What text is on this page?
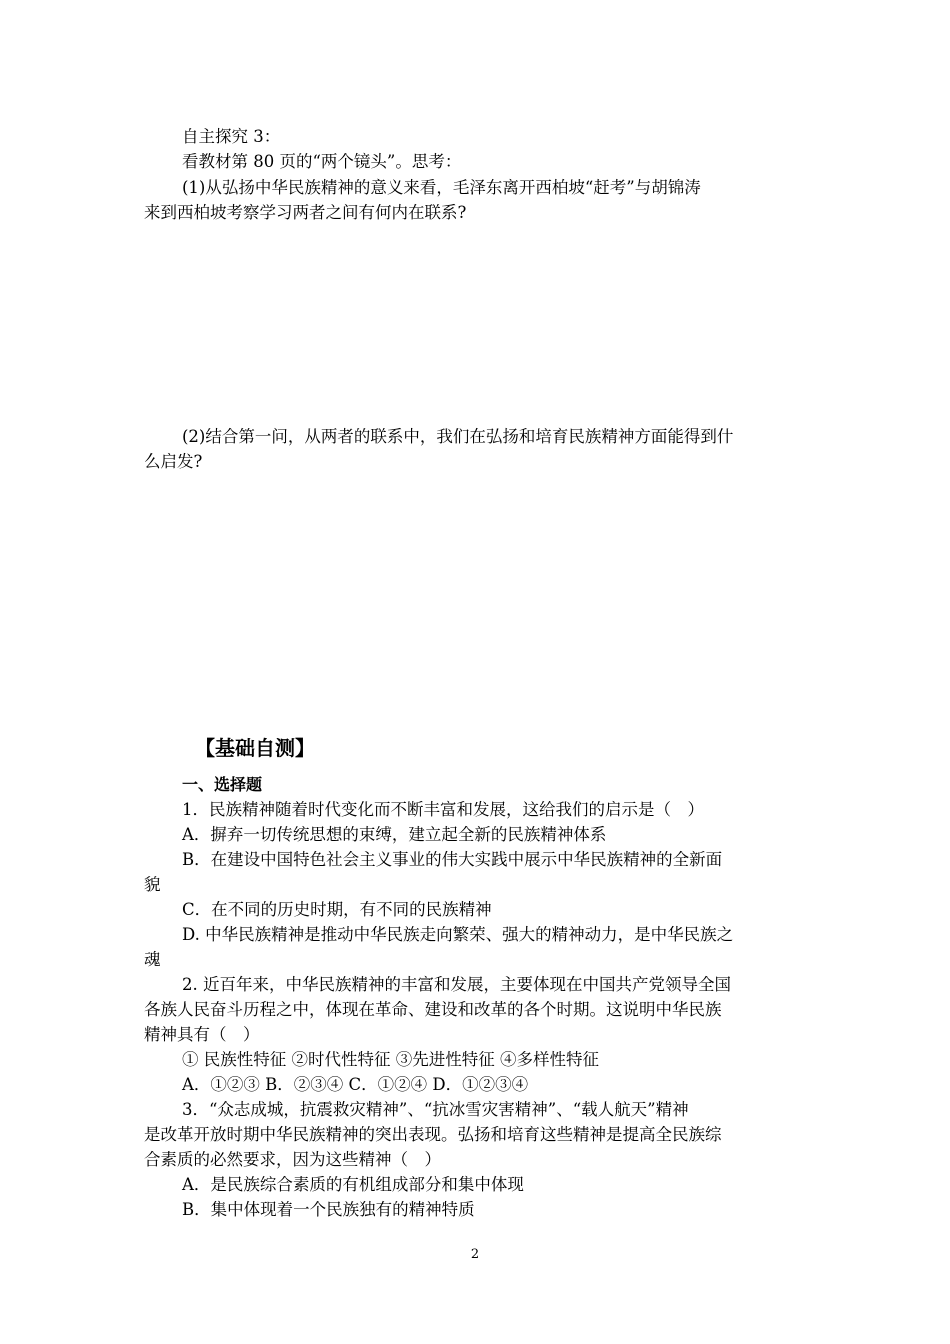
自主探究 3：
看教材第 80 页的“两个镜头”。思考：
(1)从弘扬中华民族精神的意义来看，毛泽东离开西柏坡“赶考”与胡锦涛
来到西柏坡考察学习两者之间有何内在联系?
(2)结合第一问，从两者的联系中，我们在弘扬和培育民族精神方面能得到什
么启发?
【基础自测】
一、选择题
1．民族精神随着时代变化而不断丰富和发展，这给我们的启示是（　）
A．摒弃一切传统思想的束缚，建立起全新的民族精神体系
B．在建设中国特色社会主义事业的伟大实践中展示中华民族精神的全新面
貌
C．在不同的历史时期，有不同的民族精神
D. 中华民族精神是推动中华民族走向繁荣、强大的精神动力，是中华民族之
魂
2. 近百年来，中华民族精神的丰富和发展，主要体现在中国共产党领导全国
各族人民奋斗历程之中，体现在革命、建设和改革的各个时期。这说明中华民族
精神具有（　）
① 民族性特征 ②时代性特征 ③先进性特征 ④多样性特征
A．①②③ B．②③④ C．①②④ D．①②③④
3．“众志成城，抗震救灾精神”、“抗冰雪灾害精神”、“载人航天”精神
是改革开放时期中华民族精神的突出表现。弘扬和培育这些精神是提高全民族综
合素质的必然要求，因为这些精神（　）
A．是民族综合素质的有机组成部分和集中体现
B．集中体现着一个民族独有的精神特质
2
